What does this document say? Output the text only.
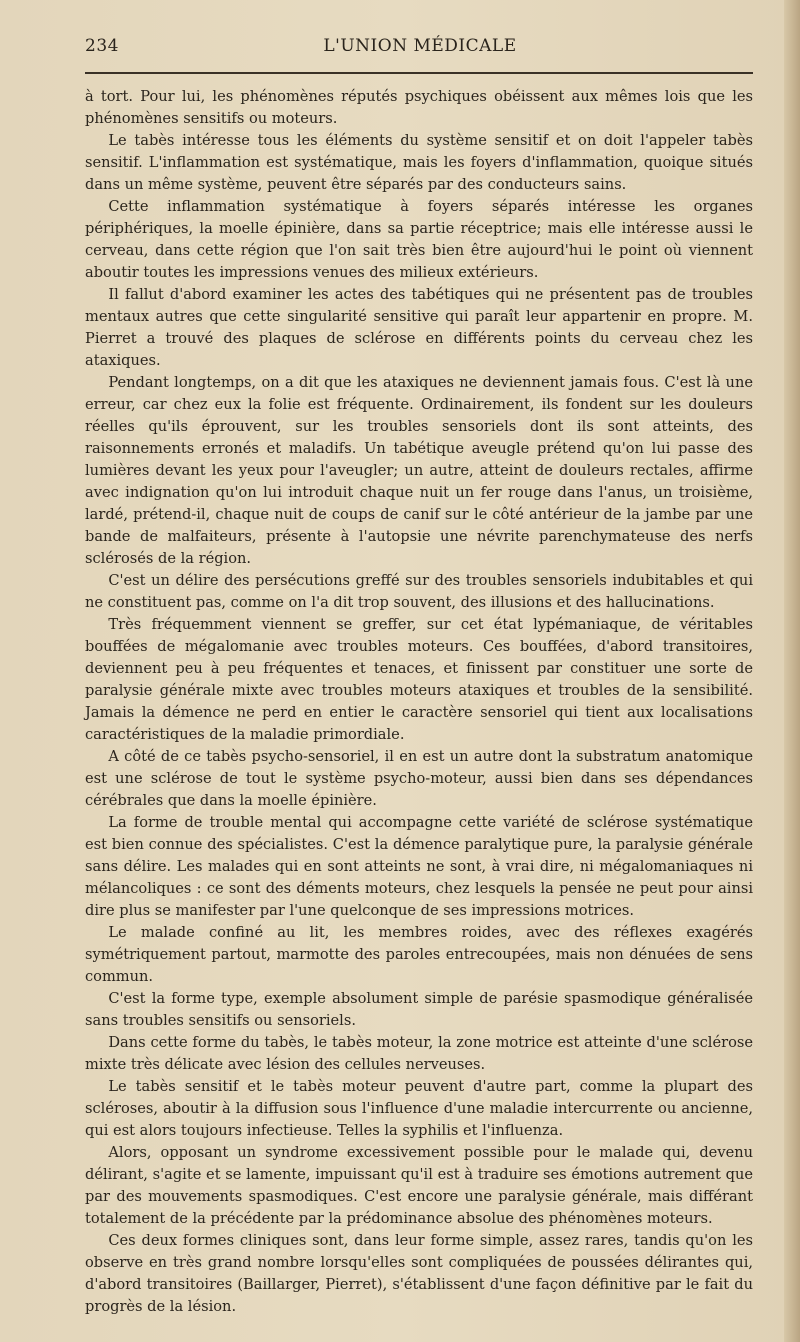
234	L'UNION MÉDICALE

à tort. Pour lui, les phénomènes réputés psychiques obéissent aux mêmes lois que les phénomènes sensitifs ou moteurs.

Le tabès intéresse tous les éléments du système sensitif et on doit l'appeler tabès sensitif. L'inflammation est systématique, mais les foyers d'inflammation, quoique situés dans un même système, peuvent être séparés par des conducteurs sains.

Cette inflammation systématique à foyers séparés intéresse les organes périphériques, la moelle épinière, dans sa partie réceptrice; mais elle intéresse aussi le cerveau, dans cette région que l'on sait très bien être aujourd'hui le point où viennent aboutir toutes les impressions venues des milieux extérieurs.

Il fallut d'abord examiner les actes des tabétiques qui ne présentent pas de troubles mentaux autres que cette singularité sensitive qui paraît leur appartenir en propre. M. Pierret a trouvé des plaques de sclérose en différents points du cerveau chez les ataxiques.

Pendant longtemps, on a dit que les ataxiques ne deviennent jamais fous. C'est là une erreur, car chez eux la folie est fréquente. Ordinairement, ils fondent sur les douleurs réelles qu'ils éprouvent, sur les troubles sensoriels dont ils sont atteints, des raisonnements erronés et maladifs. Un tabétique aveugle prétend qu'on lui passe des lumières devant les yeux pour l'aveugler; un autre, atteint de douleurs rectales, affirme avec indignation qu'on lui introduit chaque nuit un fer rouge dans l'anus, un troisième, lardé, prétend-il, chaque nuit de coups de canif sur le côté antérieur de la jambe par une bande de malfaiteurs, présente à l'autopsie une névrite parenchymateuse des nerfs sclérosés de la région.

C'est un délire des persécutions greffé sur des troubles sensoriels indubitables et qui ne constituent pas, comme on l'a dit trop souvent, des illusions et des hallucinations.

Très fréquemment viennent se greffer, sur cet état lypémaniaque, de véritables bouffées de mégalomanie avec troubles moteurs. Ces bouffées, d'abord transitoires, deviennent peu à peu fréquentes et tenaces, et finissent par constituer une sorte de paralysie générale mixte avec troubles moteurs ataxiques et troubles de la sensibilité. Jamais la démence ne perd en entier le caractère sensoriel qui tient aux localisations caractéristiques de la maladie primordiale.

A côté de ce tabès psycho-sensoriel, il en est un autre dont la substratum anatomique est une sclérose de tout le système psycho-moteur, aussi bien dans ses dépendances cérébrales que dans la moelle épinière.

La forme de trouble mental qui accompagne cette variété de sclérose systématique est bien connue des spécialistes. C'est la démence paralytique pure, la paralysie générale sans délire. Les malades qui en sont atteints ne sont, à vrai dire, ni mégalomaniaques ni mélancoliques : ce sont des déments moteurs, chez lesquels la pensée ne peut pour ainsi dire plus se manifester par l'une quelconque de ses impressions motrices.

Le malade confiné au lit, les membres roides, avec des réflexes exagérés symétriquement partout, marmotte des paroles entrecoupées, mais non dénuées de sens commun.

C'est la forme type, exemple absolument simple de parésie spasmodique généralisée sans troubles sensitifs ou sensoriels.

Dans cette forme du tabès, le tabès moteur, la zone motrice est atteinte d'une sclérose mixte très délicate avec lésion des cellules nerveuses.

Le tabès sensitif et le tabès moteur peuvent d'autre part, comme la plupart des scléroses, aboutir à la diffusion sous l'influence d'une maladie intercurrente ou ancienne, qui est alors toujours infectieuse. Telles la syphilis et l'influenza.

Alors, opposant un syndrome excessivement possible pour le malade qui, devenu délirant, s'agite et se lamente, impuissant qu'il est à traduire ses émotions autrement que par des mouvements spasmodiques. C'est encore une paralysie générale, mais différant totalement de la précédente par la prédominance absolue des phénomènes moteurs.

Ces deux formes cliniques sont, dans leur forme simple, assez rares, tandis qu'on les observe en très grand nombre lorsqu'elles sont compliquées de poussées délirantes qui, d'abord transitoires (Baillarger, Pierret), s'établissent d'une façon définitive par le fait du progrès de la lésion.
